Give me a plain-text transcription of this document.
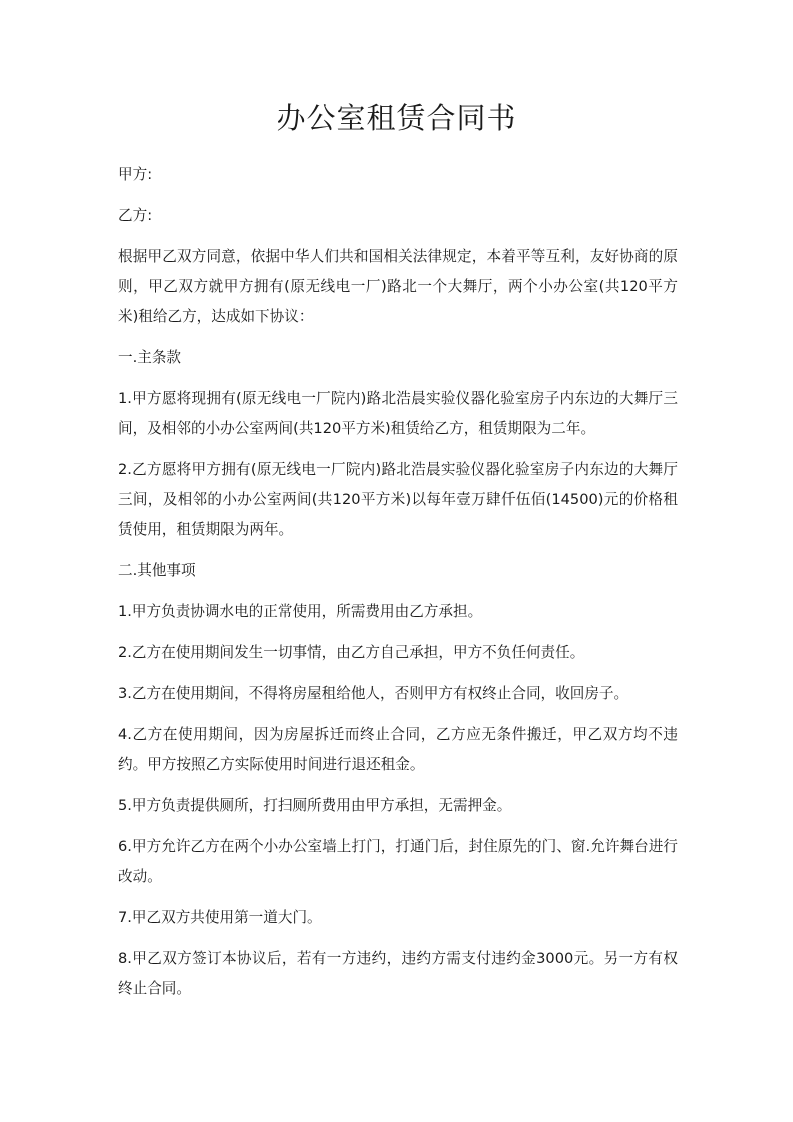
办公室租赁合同书

甲方:

乙方:

根据甲乙双方同意，依据中华人们共和国相关法律规定，本着平等互利，友好协商的原则，甲乙双方就甲方拥有(原无线电一厂)路北一个大舞厅，两个小办公室(共120平方米)租给乙方，达成如下协议：

一.主条款

1.甲方愿将现拥有(原无线电一厂院内)路北浩晨实验仪器化验室房子内东边的大舞厅三间，及相邻的小办公室两间(共120平方米)租赁给乙方，租赁期限为二年。

2.乙方愿将甲方拥有(原无线电一厂院内)路北浩晨实验仪器化验室房子内东边的大舞厅三间，及相邻的小办公室两间(共120平方米)以每年壹万肆仟伍佰(14500)元的价格租赁使用，租赁期限为两年。

二.其他事项

1.甲方负责协调水电的正常使用，所需费用由乙方承担。

2.乙方在使用期间发生一切事情，由乙方自己承担，甲方不负任何责任。

3.乙方在使用期间，不得将房屋租给他人，否则甲方有权终止合同，收回房子。

4.乙方在使用期间，因为房屋拆迁而终止合同，乙方应无条件搬迁，甲乙双方均不违约。甲方按照乙方实际使用时间进行退还租金。

5.甲方负责提供厕所，打扫厕所费用由甲方承担，无需押金。

6.甲方允许乙方在两个小办公室墙上打门，打通门后，封住原先的门、窗.允许舞台进行改动。

7.甲乙双方共使用第一道大门。

8.甲乙双方签订本协议后，若有一方违约，违约方需支付违约金3000元。另一方有权终止合同。
